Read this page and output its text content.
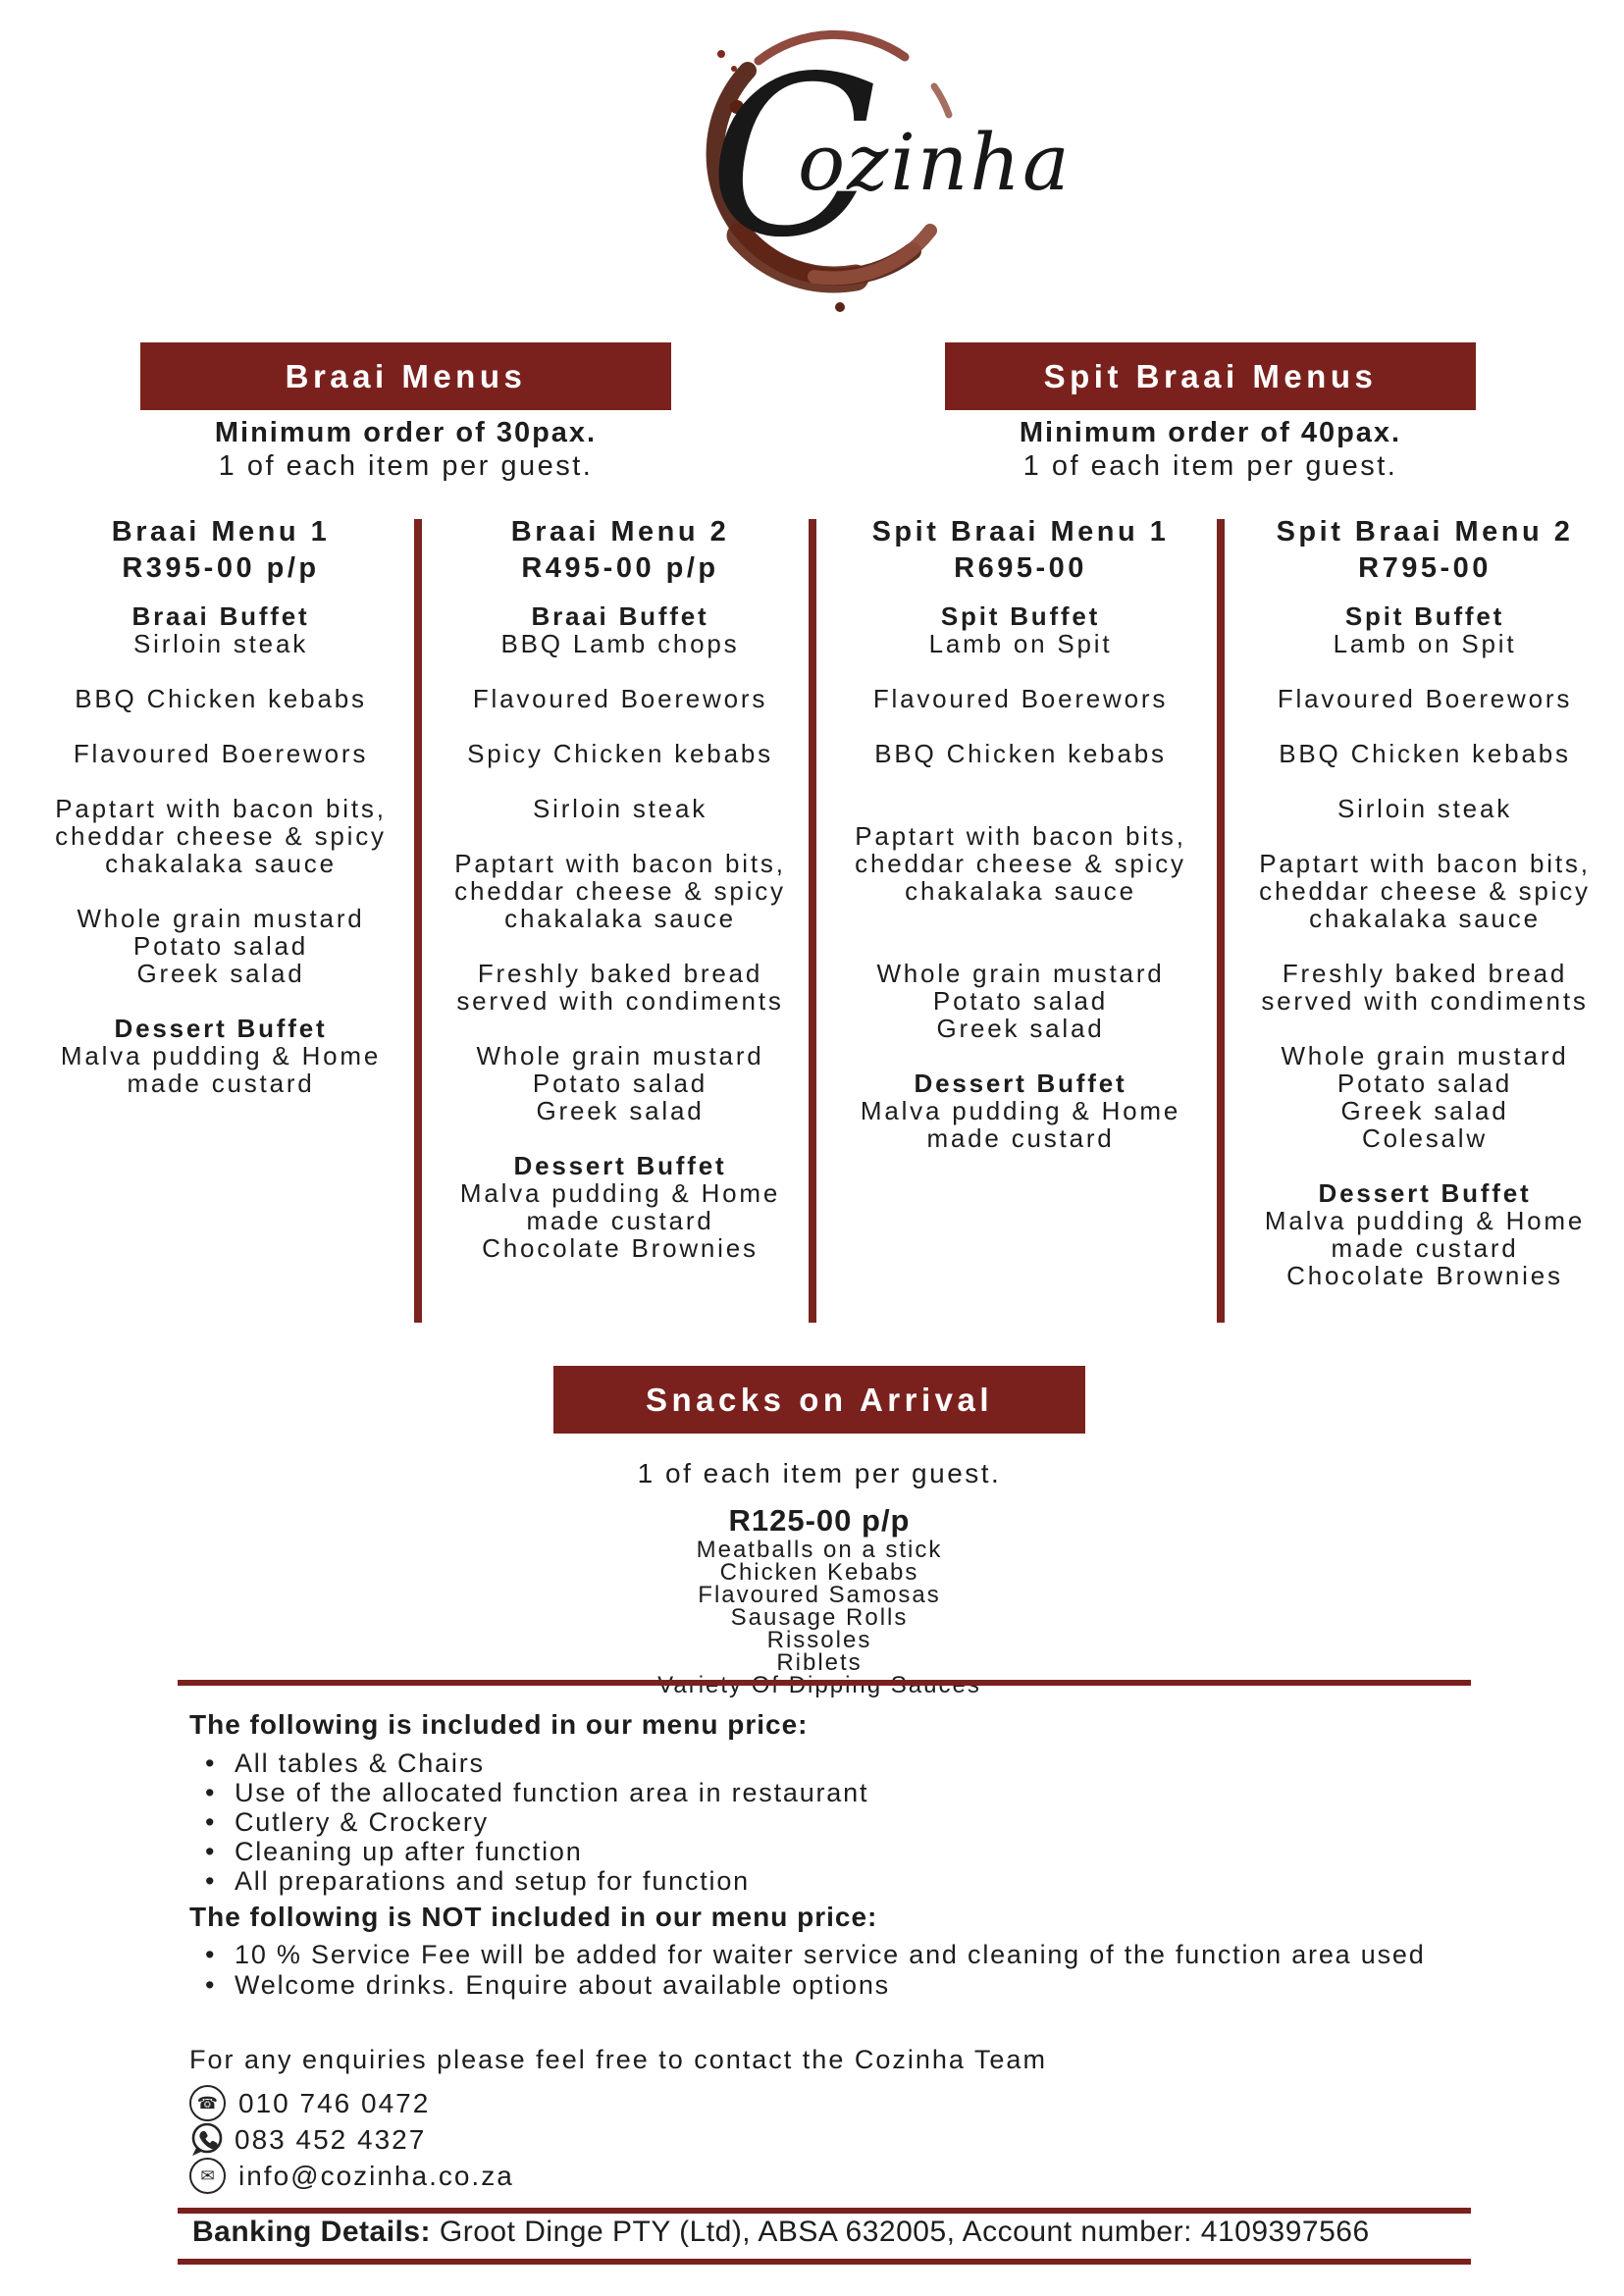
C
ozinha
Braai Menus	Spit Braai Menus
Minimum order of 30pax.
1 of each item per guest.
Minimum order of 40pax.
1 of each item per guest.
Braai Menu 1
R395-00 p/p
Braai Buffet
Sirloin steak
BBQ Chicken kebabs
Flavoured Boerewors
Paptart with bacon bits,
cheddar cheese & spicy
chakalaka sauce
Whole grain mustard
Potato salad
Greek salad
Dessert Buffet
Malva pudding & Home
made custard
Braai Menu 2
R495-00 p/p
Braai Buffet
BBQ Lamb chops
Flavoured Boerewors
Spicy Chicken kebabs
Sirloin steak
Paptart with bacon bits,
cheddar cheese & spicy
chakalaka sauce
Freshly baked bread
served with condiments
Whole grain mustard
Potato salad
Greek salad
Dessert Buffet
Malva pudding & Home
made custard
Chocolate Brownies
Spit Braai Menu 1
R695-00
Spit Buffet
Lamb on Spit
Flavoured Boerewors
BBQ Chicken kebabs
Paptart with bacon bits,
cheddar cheese & spicy
chakalaka sauce
Whole grain mustard
Potato salad
Greek salad
Dessert Buffet
Malva pudding & Home
made custard
Spit Braai Menu 2
R795-00
Spit Buffet
Lamb on Spit
Flavoured Boerewors
BBQ Chicken kebabs
Sirloin steak
Paptart with bacon bits,
cheddar cheese & spicy
chakalaka sauce
Freshly baked bread
served with condiments
Whole grain mustard
Potato salad
Greek salad
Colesalw
Dessert Buffet
Malva pudding & Home
made custard
Chocolate Brownies
Snacks on Arrival
1 of each item per guest.
R125-00 p/p
Meatballs on a stick
Chicken Kebabs
Flavoured Samosas
Sausage Rolls
Rissoles
Riblets
The following is included in our menu price:
• All tables & Chairs
• Use of the allocated function area in restaurant
• Cutlery & Crockery
• Cleaning up after function
• All preparations and setup for function
The following is NOT included in our menu price:
• 10 % Service Fee will be added for waiter service and cleaning of the function area used
• Welcome drinks. Enquire about available options

For any enquiries please feel free to contact the Cozinha Team

☎ 010 746 0472
083 452 4327
✉ info@cozinha.co.za
Banking Details: Groot Dinge PTY (Ltd), ABSA 632005, Account number: 4109397566
